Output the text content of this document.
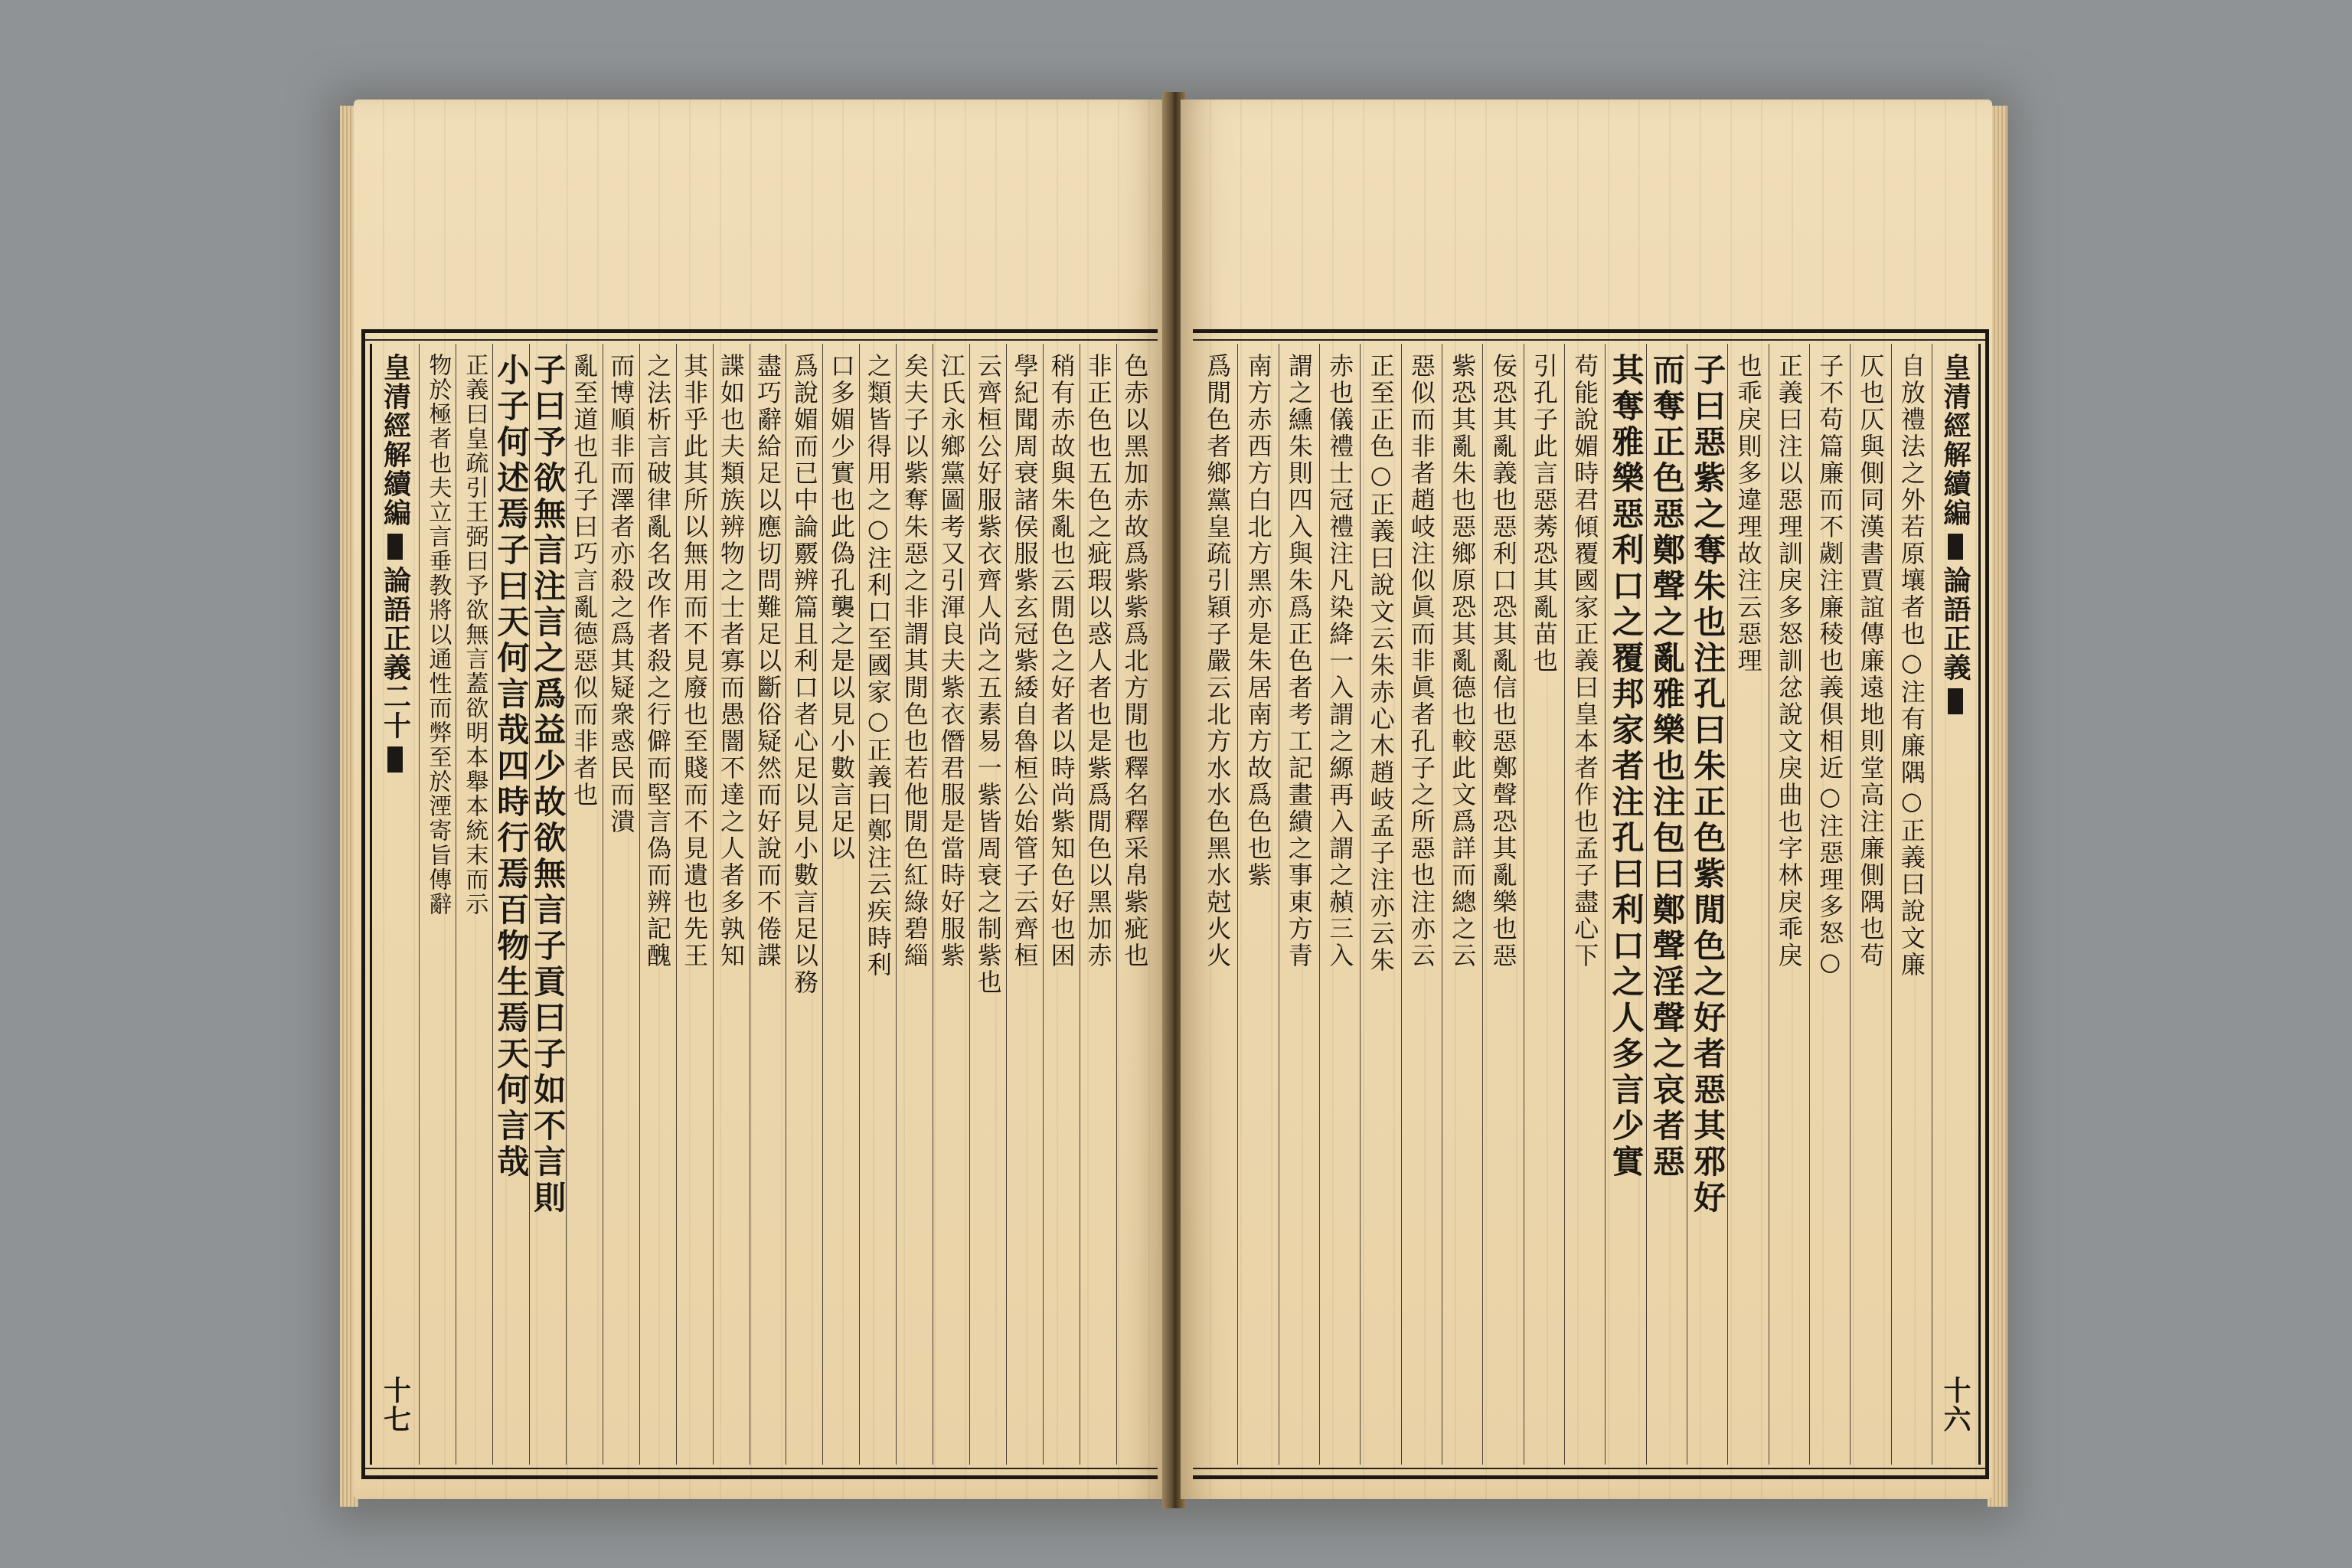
色赤以黑加赤故爲紫紫爲北方閒也釋名釋采帛紫疵也
非正色也五色之疵瑕以惑人者也是紫爲閒色以黑加赤
稍有赤故與朱亂也云閒色之好者以時尚紫知色好也困
學紀聞周衰諸侯服紫玄冠紫緌自魯桓公始管子云齊桓
云齊桓公好服紫衣齊人尚之五素易一紫皆周衰之制紫也
江氏永鄉黨圖考又引渾良夫紫衣僭君服是當時好服紫
矣夫子以紫奪朱惡之非謂其閒色也若他閒色紅綠碧緇
之類皆得用之○注利口至國家○正義曰鄭注云疾時利
口多媚少實也此偽孔襲之是以見小數言足以
爲說媚而已中論覈辨篇且利口者心足以見小數言足以務
盡巧辭給足以應切問難足以斷俗疑然而好說而不倦諜
諜如也夫類族辨物之士者寡而愚闇不達之人者多孰知
其非乎此其所以無用而不見廢也至賤而不見遺也先王
之法析言破律亂名改作者殺之行僻而堅言偽而辨記醜
而博順非而澤者亦殺之爲其疑衆惑民而潰
亂至道也孔子曰巧言亂德惡似而非者也
子曰予欲無言注言之爲益少故欲無言子貢曰子如不言則
小子何述焉子曰天何言哉四時行焉百物生焉天何言哉
正義曰皇疏引王弼曰予欲無言蓋欲明本舉本統末而示
物於極者也夫立言垂教將以通性而弊至於湮寄旨傳辭
皇清經解續編
論語正義二十
十七
皇清經解續編
論語正義
十六
自放禮法之外若原壤者也○注有廉隅○正義曰說文廉
仄也仄與側同漢書賈誼傳廉遠地則堂高注廉側隅也苟
子不苟篇廉而不劌注廉稜也義俱相近○注惡理多怒○
正義曰注以惡理訓戾多怒訓忿說文戾曲也字林戾乖戾
也乖戾則多違理故注云惡理
子曰惡紫之奪朱也注孔曰朱正色紫閒色之好者惡其邪好
而奪正色惡鄭聲之亂雅樂也注包曰鄭聲淫聲之哀者惡
其奪雅樂惡利口之覆邦家者注孔曰利口之人多言少實
苟能說媚時君傾覆國家正義曰皇本者作也孟子盡心下
引孔子此言惡莠恐其亂苗也
佞恐其亂義也惡利口恐其亂信也惡鄭聲恐其亂樂也惡
紫恐其亂朱也惡鄉原恐其亂德也較此文爲詳而總之云
惡似而非者趙岐注似眞而非眞者孔子之所惡也注亦云
正至正色○正義曰說文云朱赤心木趙岐孟子注亦云朱
赤也儀禮士冠禮注凡染絳一入謂之縓再入謂之赬三入
謂之纁朱則四入與朱爲正色者考工記畫繢之事東方青
南方赤西方白北方黑亦是朱居南方故爲色也紫
爲閒色者鄉黨皇疏引穎子嚴云北方水水色黑水尅火火
